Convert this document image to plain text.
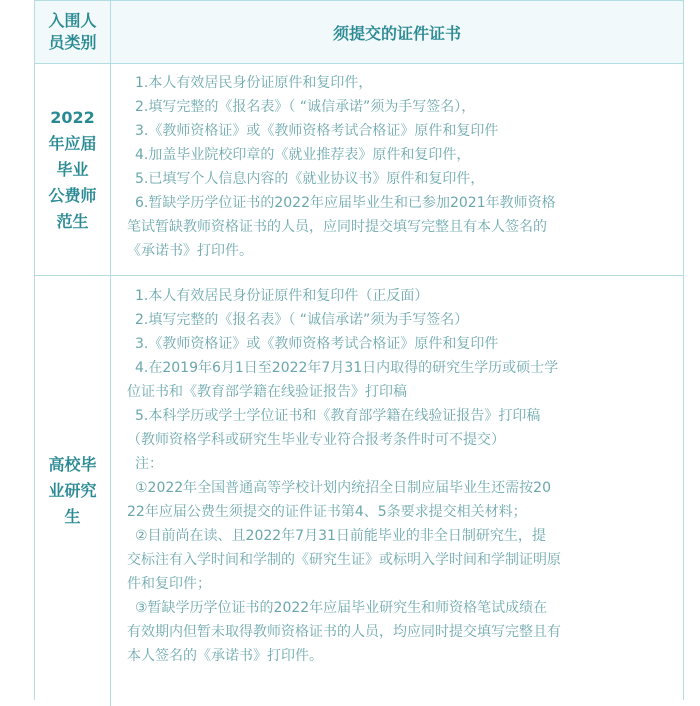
入围人
员类别	须提交的证件证书
2022
年应届
毕业
公费师
范生
1.本人有效居民身份证原件和复印件，
2.填写完整的《报名表》（ “诚信承诺”须为手写签名），
3.《教师资格证》或《教师资格考试合格证》原件和复印件
4.加盖毕业院校印章的《就业推荐表》原件和复印件，
5.已填写个人信息内容的《就业协议书》原件和复印件，
6.暂缺学历学位证书的2022年应届毕业生和已参加2021年教师资格
笔试暂缺教师资格证书的人员，应同时提交填写完整且有本人签名的
《承诺书》打印件。
高校毕
业研究
生
1.本人有效居民身份证原件和复印件（正反面）
2.填写完整的《报名表》（ “诚信承诺”须为手写签名）
3.《教师资格证》或《教师资格考试合格证》原件和复印件
4.在2019年6月1日至2022年7月31日内取得的研究生学历或硕士学
位证书和《教育部学籍在线验证报告》打印稿
5.本科学历或学士学位证书和《教育部学籍在线验证报告》打印稿
（教师资格学科或研究生毕业专业符合报考条件时可不提交）
注：
①2022年全国普通高等学校计划内统招全日制应届毕业生还需按20
22年应届公费生须提交的证件证书第4、5条要求提交相关材料；
②目前尚在读、且2022年7月31日前能毕业的非全日制研究生，提
交标注有入学时间和学制的《研究生证》或标明入学时间和学制证明原
件和复印件；
③暂缺学历学位证书的2022年应届毕业研究生和师资格笔试成绩在
有效期内但暂未取得教师资格证书的人员，均应同时提交填写完整且有
本人签名的《承诺书》打印件。
